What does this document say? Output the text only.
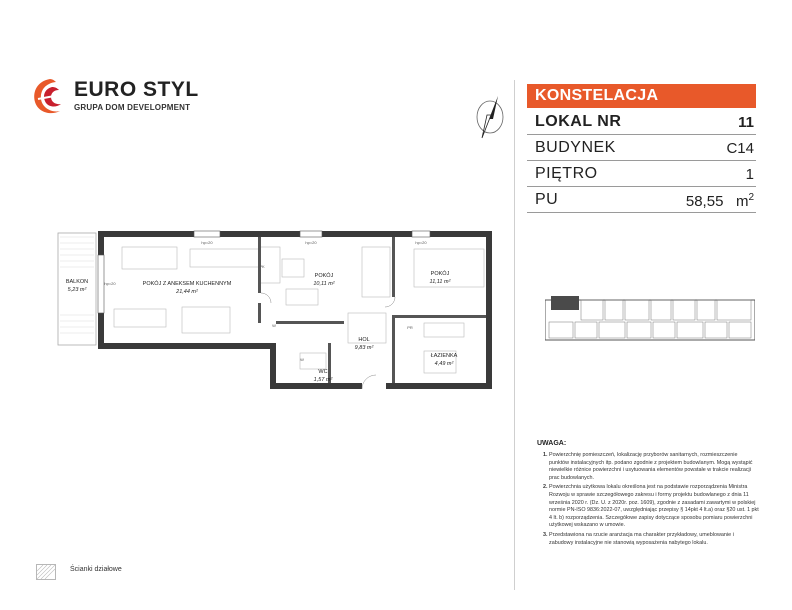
EURO STYL
GRUPA DOM DEVELOPMENT
KONSTELACJA
LOKAL NR	11
BUDYNEK	C14
PIĘTRO	1
PU	58,55 $m^2$
BALKON
5,23 m²
POKÓJ Z ANEKSEM KUCHENNYM
21,44 m²
POKÓJ
10,11 m²
POKÓJ
11,11 m²
HOL
9,83 m²
ŁAZIENKA
4,49 m²
WC
1,57 m²
hp=20	hp=20	hp=20
hp=20
W
W
PK
PR
UWAGA:
1. Powierzchnię pomieszczeń, lokalizację przyborów sanitarnych, rozmieszczenie punktów instalacyjnych itp. podano zgodnie z projektem budowlanym. Mogą wystąpić niewielkie różnice powierzchni i usytuowania elementów powstałe w trakcie realizacji prac budowlanych.
2. Powierzchnia użytkowa lokalu określona jest na podstawie rozporządzenia Ministra Rozwoju w sprawie szczegółowego zakresu i formy projektu budowlanego z dnia 11 września 2020 r. (Dz. U. z 2020r. poz. 1609), zgodnie z zasadami zawartymi w polskiej normie PN-ISO 9836:2022-07, uwzględniając przepisy § 14pkt 4 lt.a) oraz §20 ust. 1 pkt 4 lt. b) rozporządzenia. Szczegółowe zapisy dotyczące sposobu pomiaru powierzchni użytkowej wskazano w umowie.
3. Przedstawiona na rzucie aranżacja ma charakter przykładowy, umeblowanie i zabudowy instalacyjne nie stanowią wyposażenia nabytego lokalu.
Ścianki działowe
